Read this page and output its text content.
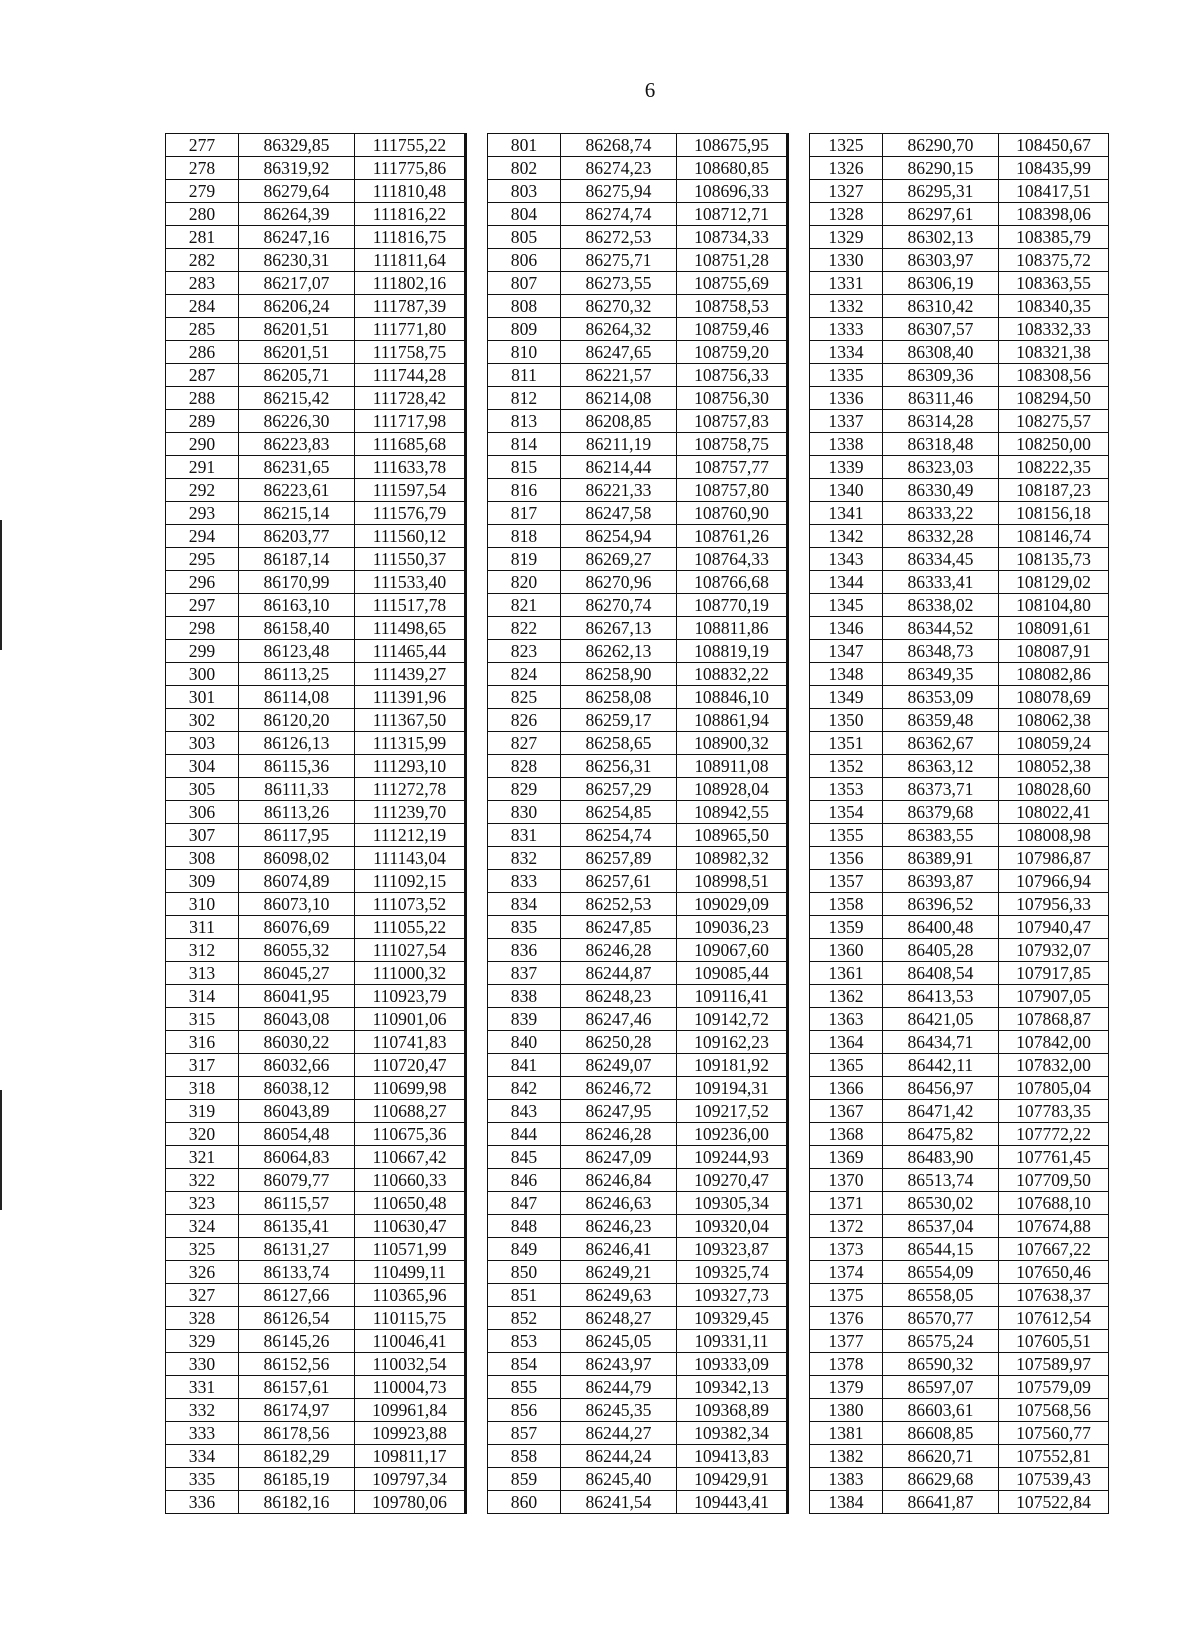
6
277	86329,85	111755,22
278	86319,92	111775,86
279	86279,64	111810,48
280	86264,39	111816,22
281	86247,16	111816,75
282	86230,31	111811,64
283	86217,07	111802,16
284	86206,24	111787,39
285	86201,51	111771,80
286	86201,51	111758,75
287	86205,71	111744,28
288	86215,42	111728,42
289	86226,30	111717,98
290	86223,83	111685,68
291	86231,65	111633,78
292	86223,61	111597,54
293	86215,14	111576,79
294	86203,77	111560,12
295	86187,14	111550,37
296	86170,99	111533,40
297	86163,10	111517,78
298	86158,40	111498,65
299	86123,48	111465,44
300	86113,25	111439,27
301	86114,08	111391,96
302	86120,20	111367,50
303	86126,13	111315,99
304	86115,36	111293,10
305	86111,33	111272,78
306	86113,26	111239,70
307	86117,95	111212,19
308	86098,02	111143,04
309	86074,89	111092,15
310	86073,10	111073,52
311	86076,69	111055,22
312	86055,32	111027,54
313	86045,27	111000,32
314	86041,95	110923,79
315	86043,08	110901,06
316	86030,22	110741,83
317	86032,66	110720,47
318	86038,12	110699,98
319	86043,89	110688,27
320	86054,48	110675,36
321	86064,83	110667,42
322	86079,77	110660,33
323	86115,57	110650,48
324	86135,41	110630,47
325	86131,27	110571,99
326	86133,74	110499,11
327	86127,66	110365,96
328	86126,54	110115,75
329	86145,26	110046,41
330	86152,56	110032,54
331	86157,61	110004,73
332	86174,97	109961,84
333	86178,56	109923,88
334	86182,29	109811,17
335	86185,19	109797,34
336	86182,16	109780,06
801	86268,74	108675,95
802	86274,23	108680,85
803	86275,94	108696,33
804	86274,74	108712,71
805	86272,53	108734,33
806	86275,71	108751,28
807	86273,55	108755,69
808	86270,32	108758,53
809	86264,32	108759,46
810	86247,65	108759,20
811	86221,57	108756,33
812	86214,08	108756,30
813	86208,85	108757,83
814	86211,19	108758,75
815	86214,44	108757,77
816	86221,33	108757,80
817	86247,58	108760,90
818	86254,94	108761,26
819	86269,27	108764,33
820	86270,96	108766,68
821	86270,74	108770,19
822	86267,13	108811,86
823	86262,13	108819,19
824	86258,90	108832,22
825	86258,08	108846,10
826	86259,17	108861,94
827	86258,65	108900,32
828	86256,31	108911,08
829	86257,29	108928,04
830	86254,85	108942,55
831	86254,74	108965,50
832	86257,89	108982,32
833	86257,61	108998,51
834	86252,53	109029,09
835	86247,85	109036,23
836	86246,28	109067,60
837	86244,87	109085,44
838	86248,23	109116,41
839	86247,46	109142,72
840	86250,28	109162,23
841	86249,07	109181,92
842	86246,72	109194,31
843	86247,95	109217,52
844	86246,28	109236,00
845	86247,09	109244,93
846	86246,84	109270,47
847	86246,63	109305,34
848	86246,23	109320,04
849	86246,41	109323,87
850	86249,21	109325,74
851	86249,63	109327,73
852	86248,27	109329,45
853	86245,05	109331,11
854	86243,97	109333,09
855	86244,79	109342,13
856	86245,35	109368,89
857	86244,27	109382,34
858	86244,24	109413,83
859	86245,40	109429,91
860	86241,54	109443,41
1325	86290,70	108450,67
1326	86290,15	108435,99
1327	86295,31	108417,51
1328	86297,61	108398,06
1329	86302,13	108385,79
1330	86303,97	108375,72
1331	86306,19	108363,55
1332	86310,42	108340,35
1333	86307,57	108332,33
1334	86308,40	108321,38
1335	86309,36	108308,56
1336	86311,46	108294,50
1337	86314,28	108275,57
1338	86318,48	108250,00
1339	86323,03	108222,35
1340	86330,49	108187,23
1341	86333,22	108156,18
1342	86332,28	108146,74
1343	86334,45	108135,73
1344	86333,41	108129,02
1345	86338,02	108104,80
1346	86344,52	108091,61
1347	86348,73	108087,91
1348	86349,35	108082,86
1349	86353,09	108078,69
1350	86359,48	108062,38
1351	86362,67	108059,24
1352	86363,12	108052,38
1353	86373,71	108028,60
1354	86379,68	108022,41
1355	86383,55	108008,98
1356	86389,91	107986,87
1357	86393,87	107966,94
1358	86396,52	107956,33
1359	86400,48	107940,47
1360	86405,28	107932,07
1361	86408,54	107917,85
1362	86413,53	107907,05
1363	86421,05	107868,87
1364	86434,71	107842,00
1365	86442,11	107832,00
1366	86456,97	107805,04
1367	86471,42	107783,35
1368	86475,82	107772,22
1369	86483,90	107761,45
1370	86513,74	107709,50
1371	86530,02	107688,10
1372	86537,04	107674,88
1373	86544,15	107667,22
1374	86554,09	107650,46
1375	86558,05	107638,37
1376	86570,77	107612,54
1377	86575,24	107605,51
1378	86590,32	107589,97
1379	86597,07	107579,09
1380	86603,61	107568,56
1381	86608,85	107560,77
1382	86620,71	107552,81
1383	86629,68	107539,43
1384	86641,87	107522,84
